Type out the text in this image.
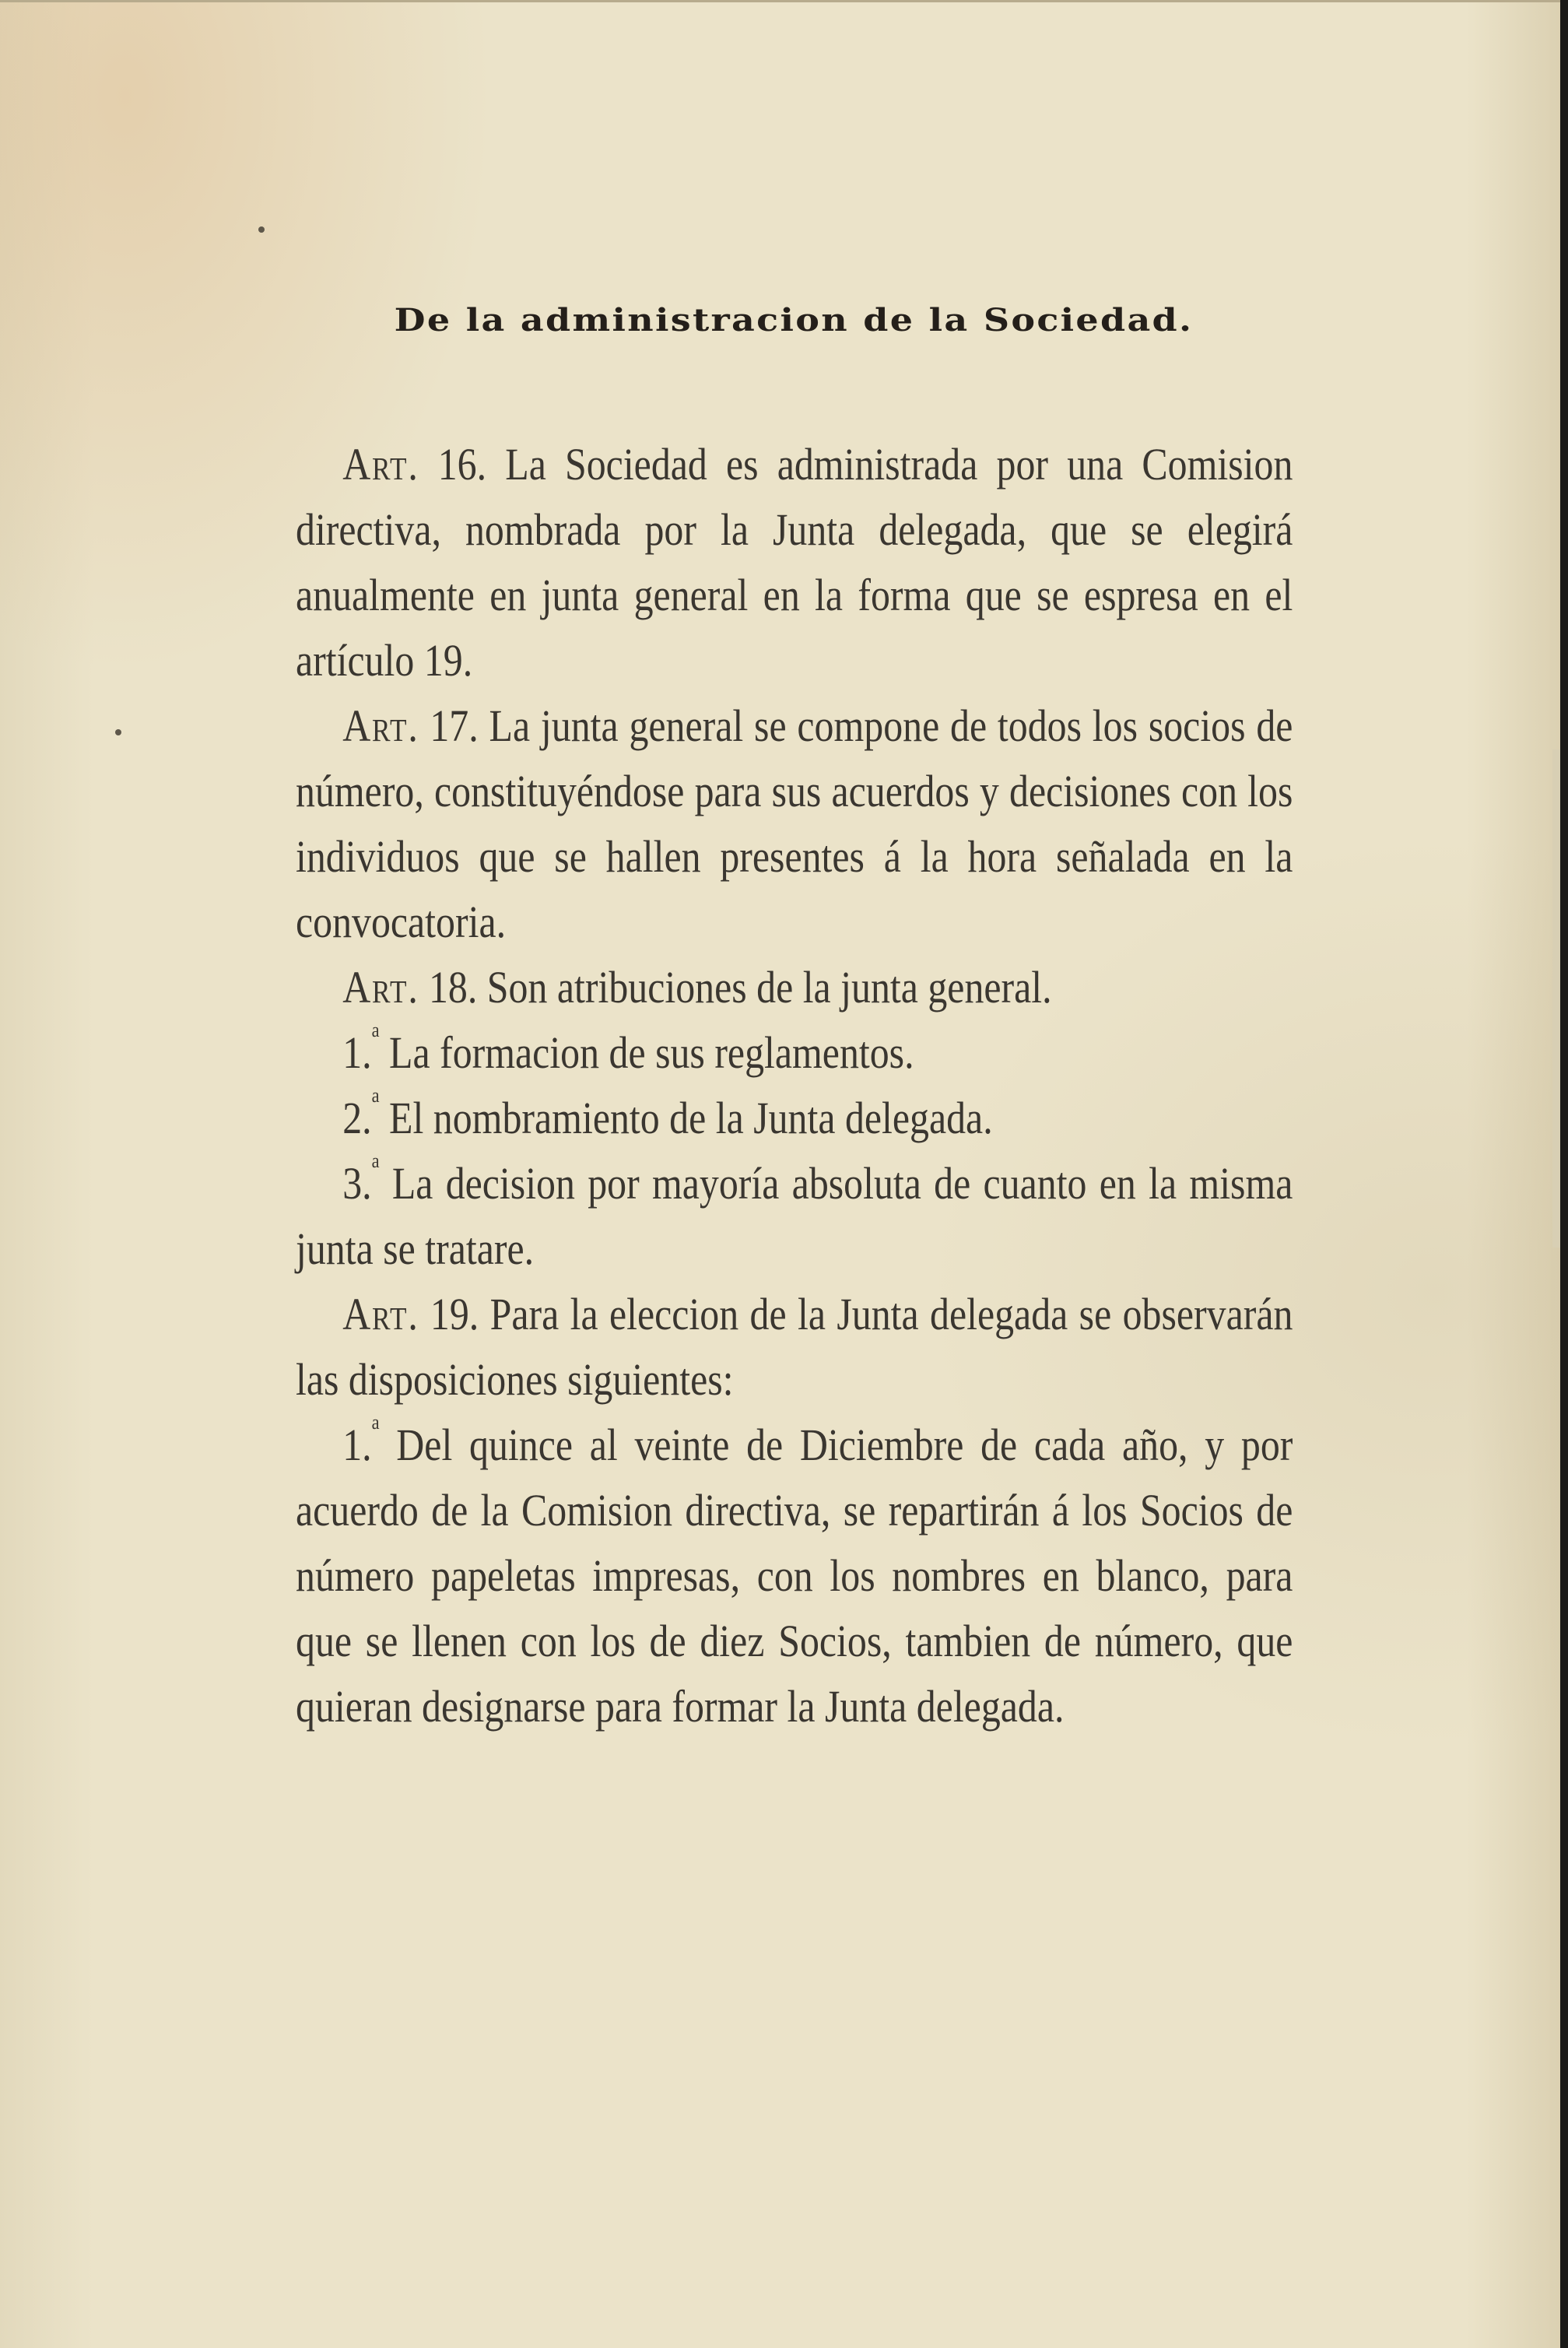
De la administracion de la Sociedad.

Art. 16. La Sociedad es administrada por una Comision directiva, nombrada por la Junta delegada, que se elegirá anualmente en junta general en la forma que se espresa en el artículo 19.

Art. 17. La junta general se compone de todos los socios de número, constituyéndose para sus acuerdos y decisiones con los individuos que se hallen presentes á la hora señalada en la convocatoria.

Art. 18. Son atribuciones de la junta general.

1.$^a$ La formacion de sus reglamentos.

2.$^a$ El nombramiento de la Junta delegada.

3.$^a$ La decision por mayoría absoluta de cuanto en la misma junta se tratare.

Art. 19. Para la eleccion de la Junta delegada se observarán las disposiciones siguientes:

1.$^a$ Del quince al veinte de Diciembre de cada año, y por acuerdo de la Comision directiva, se repartirán á los Socios de número papeletas impresas, con los nombres en blanco, para que se llenen con los de diez Socios, tambien de número, que quieran designarse para formar la Junta delegada.
